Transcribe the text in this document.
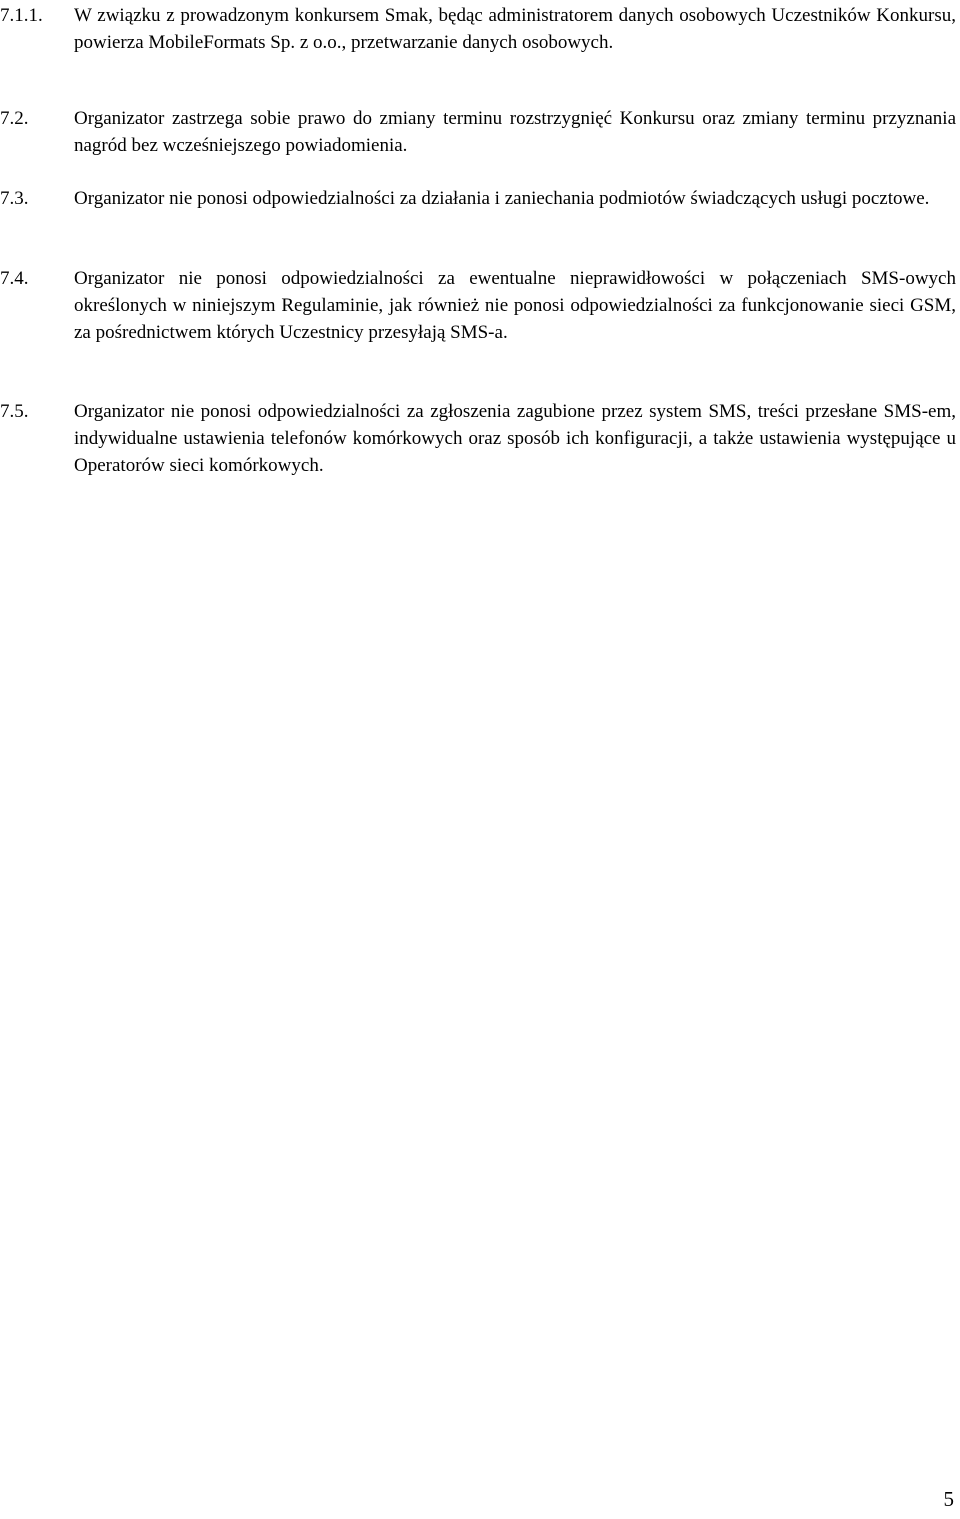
7.1.1.	W związku z prowadzonym konkursem Smak, będąc administratorem danych osobowych Uczestników Konkursu, powierza MobileFormats Sp. z o.o., przetwarzanie danych osobowych.
7.2.	Organizator zastrzega sobie prawo do zmiany terminu rozstrzygnięć Konkursu oraz zmiany terminu przyznania nagród bez wcześniejszego powiadomienia.
7.3.	Organizator nie ponosi odpowiedzialności za działania i zaniechania podmiotów świadczących usługi pocztowe.
7.4.	Organizator nie ponosi odpowiedzialności za ewentualne nieprawidłowości w połączeniach SMS-owych określonych w niniejszym Regulaminie, jak również nie ponosi odpowiedzialności za funkcjonowanie sieci GSM, za pośrednictwem których Uczestnicy przesyłają SMS-a.
7.5.	Organizator nie ponosi odpowiedzialności za zgłoszenia zagubione przez system SMS, treści przesłane SMS-em, indywidualne ustawienia telefonów komórkowych oraz sposób ich konfiguracji, a także ustawienia występujące u Operatorów sieci komórkowych.
5
